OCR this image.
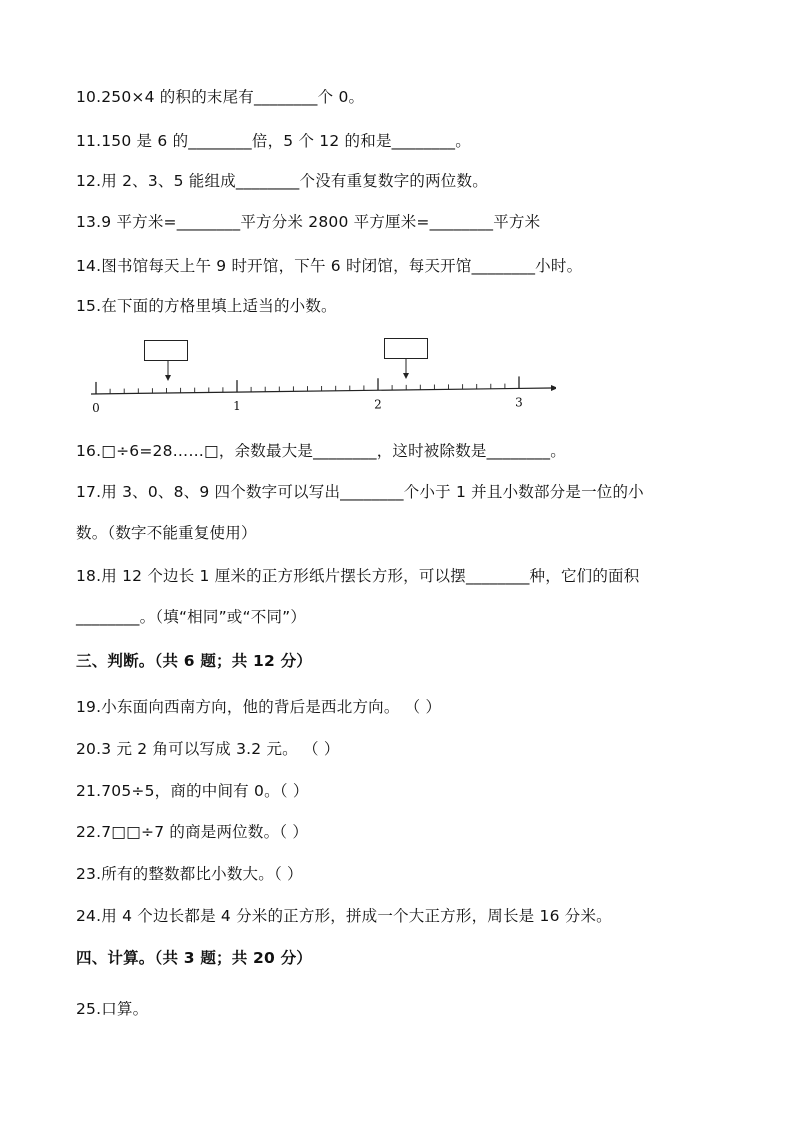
10.250×4 的积的末尾有________个 0。
11.150 是 6 的________倍，5 个 12 的和是________。
12.用 2、3、5 能组成________个没有重复数字的两位数。
13.9 平方米=________平方分米 2800 平方厘米=________平方米
14.图书馆每天上午 9 时开馆，下午 6 时闭馆，每天开馆________小时。
15.在下面的方格里填上适当的小数。
0	1	2	3
16.□÷6=28……□，余数最大是________，这时被除数是________。
17.用 3、0、8、9 四个数字可以写出________个小于 1 并且小数部分是一位的小
数。（数字不能重复使用）
18.用 12 个边长 1 厘米的正方形纸片摆长方形，可以摆________种，它们的面积
________。（填“相同”或“不同”）
三、判断。（共 6 题；共 12 分）
19.小东面向西南方向，他的背后是西北方向。 （ ）
20.3 元 2 角可以写成 3.2 元。 （ ）
21.705÷5，商的中间有 0。（ ）
22.7□□÷7 的商是两位数。（ ）
23.所有的整数都比小数大。（ ）
24.用 4 个边长都是 4 分米的正方形，拼成一个大正方形，周长是 16 分米。
四、计算。（共 3 题；共 20 分）
25.口算。
